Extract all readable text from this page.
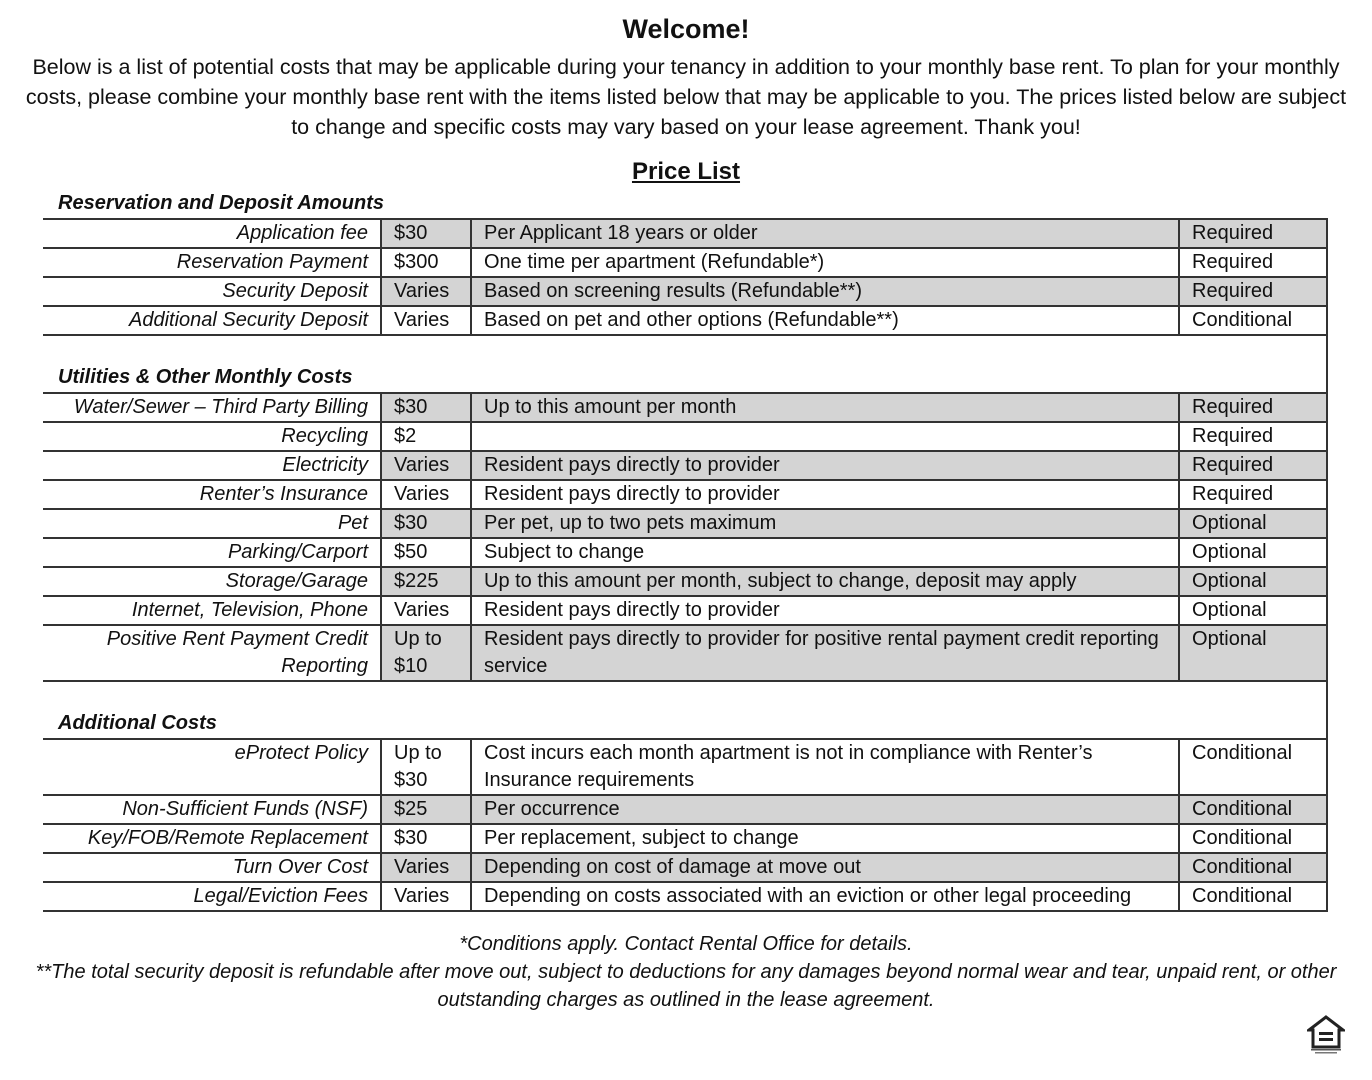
Welcome!

Below is a list of potential costs that may be applicable during your tenancy in addition to your monthly base rent. To plan for your monthly costs, please combine your monthly base rent with the items listed below that may be applicable to you. The prices listed below are subject to change and specific costs may vary based on your lease agreement. Thank you!

Price List
Reservation and Deposit Amounts			
Application fee	$30	Per Applicant 18 years or older	Required
Reservation Payment	$300	One time per apartment (Refundable*)	Required
Security Deposit	Varies	Based on screening results (Refundable**)	Required
Additional Security Deposit	Varies	Based on pet and other options (Refundable**)	Conditional

Utilities & Other Monthly Costs			
Water/Sewer – Third Party Billing	$30	Up to this amount per month	Required
Recycling	$2		Required
Electricity	Varies	Resident pays directly to provider	Required
Renter’s Insurance	Varies	Resident pays directly to provider	Required
Pet	$30	Per pet, up to two pets maximum	Optional
Parking/Carport	$50	Subject to change	Optional
Storage/Garage	$225	Up to this amount per month, subject to change, deposit may apply	Optional
Internet, Television, Phone	Varies	Resident pays directly to provider	Optional
Positive Rent Payment Credit Reporting	Up to $10	Resident pays directly to provider for positive rental payment credit reporting service	Optional

Additional Costs			
eProtect Policy	Up to $30	Cost incurs each month apartment is not in compliance with Renter’s Insurance requirements	Conditional
Non-Sufficient Funds (NSF)	$25	Per occurrence	Conditional
Key/FOB/Remote Replacement	$30	Per replacement, subject to change	Conditional
Turn Over Cost	Varies	Depending on cost of damage at move out	Conditional
Legal/Eviction Fees	Varies	Depending on costs associated with an eviction or other legal proceeding	Conditional

*Conditions apply. Contact Rental Office for details.

**The total security deposit is refundable after move out, subject to deductions for any damages beyond normal wear and tear, unpaid rent, or other outstanding charges as outlined in the lease agreement.
